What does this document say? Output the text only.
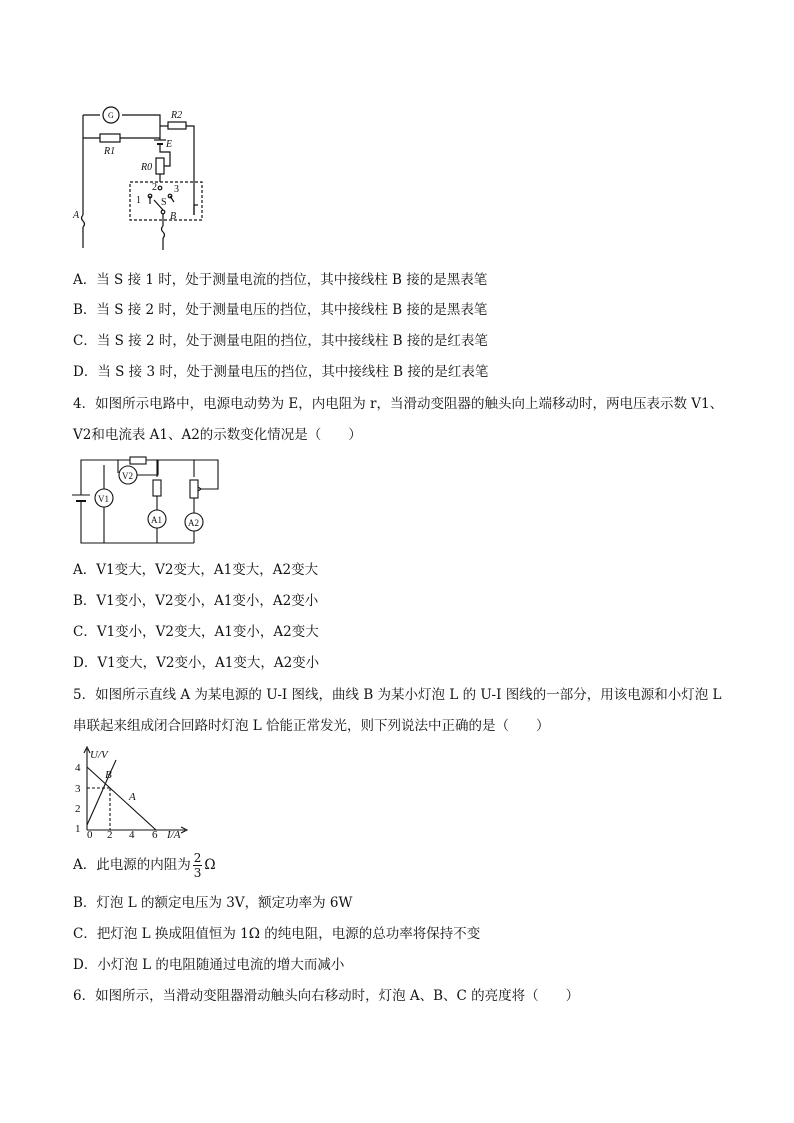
G	R2
R1
E
R0
1
2 3
S
A	B
A．当 S 接 1 时，处于测量电流的挡位，其中接线柱 B 接的是黑表笔
B．当 S 接 2 时，处于测量电压的挡位，其中接线柱 B 接的是黑表笔
C．当 S 接 2 时，处于测量电阻的挡位，其中接线柱 B 接的是红表笔
D．当 S 接 3 时，处于测量电压的挡位，其中接线柱 B 接的是红表笔
4．如图所示电路中，电源电动势为 E，内电阻为 r，当滑动变阻器的触头向上端移动时，两电压表示数 V1、
V2和电流表 A1、A2的示数变化情况是（　　）
V1
V2
A1	A2
A．V1变大，V2变大，A1变大，A2变大
B．V1变小，V2变小，A1变小，A2变小
C．V1变小，V2变大，A1变小，A2变大
D．V1变大，V2变小，A1变大，A2变小
5．如图所示直线 A 为某电源的 U-I 图线，曲线 B 为某小灯泡 L 的 U-I 图线的一部分，用该电源和小灯泡 L
串联起来组成闭合回路时灯泡 L 恰能正常发光，则下列说法中正确的是（　　）
U/V
I/A
4
3
2
1 0 2 4 6
A
B
A．此电源的内阻为 $\frac{2}{3}$ Ω
B．灯泡 L 的额定电压为 3V，额定功率为 6W
C．把灯泡 L 换成阻值恒为 1Ω 的纯电阻，电源的总功率将保持不变
D．小灯泡 L 的电阻随通过电流的增大而减小
6．如图所示，当滑动变阻器滑动触头向右移动时，灯泡 A、B、C 的亮度将（　　）
